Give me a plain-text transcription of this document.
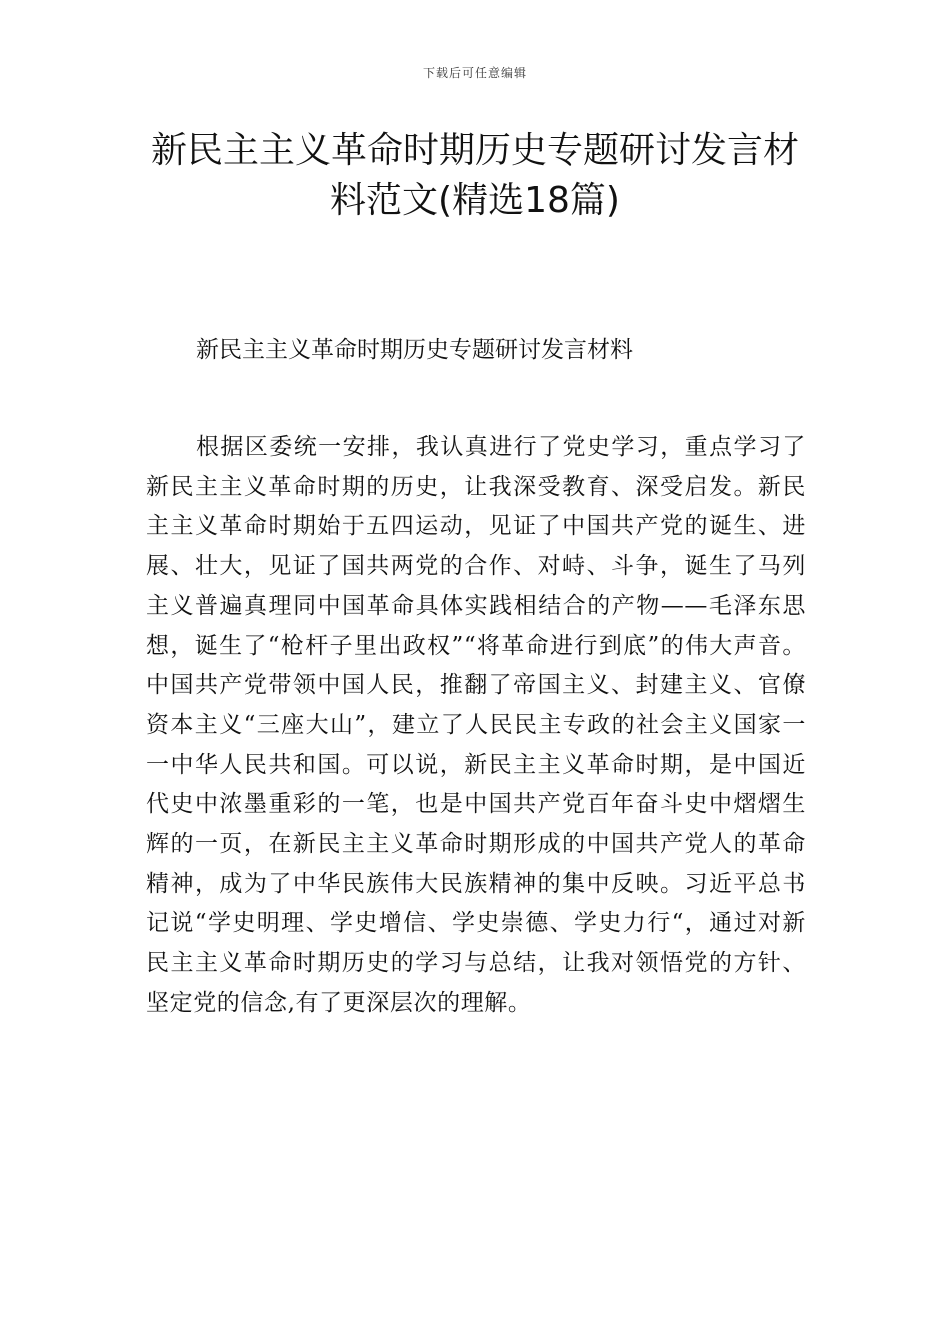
下载后可任意编辑
新民主主义革命时期历史专题研讨发言材
料范文(精选18篇)
新民主主义革命时期历史专题研讨发言材料

根据区委统一安排，我认真进行了党史学习，重点学习了新民主主义革命时期的历史，让我深受教育、深受启发。新民主主义革命时期始于五四运动，见证了中国共产党的诞生、进展、壮大，见证了国共两党的合作、对峙、斗争，诞生了马列主义普遍真理同中国革命具体实践相结合的产物——毛泽东思想，诞生了“枪杆子里出政权”“将革命进行到底”的伟大声音。中国共产党带领中国人民，推翻了帝国主义、封建主义、官僚资本主义“三座大山”，建立了人民民主专政的社会主义国家一一中华人民共和国。可以说，新民主主义革命时期，是中国近代史中浓墨重彩的一笔，也是中国共产党百年奋斗史中熠熠生辉的一页，在新民主主义革命时期形成的中国共产党人的革命精神，成为了中华民族伟大民族精神的集中反映。习近平总书记说“学史明理、学史增信、学史崇德、学史力行“，通过对新民主主义革命时期历史的学习与总结，让我对领悟党的方针、坚定党的信念,有了更深层次的理解。
